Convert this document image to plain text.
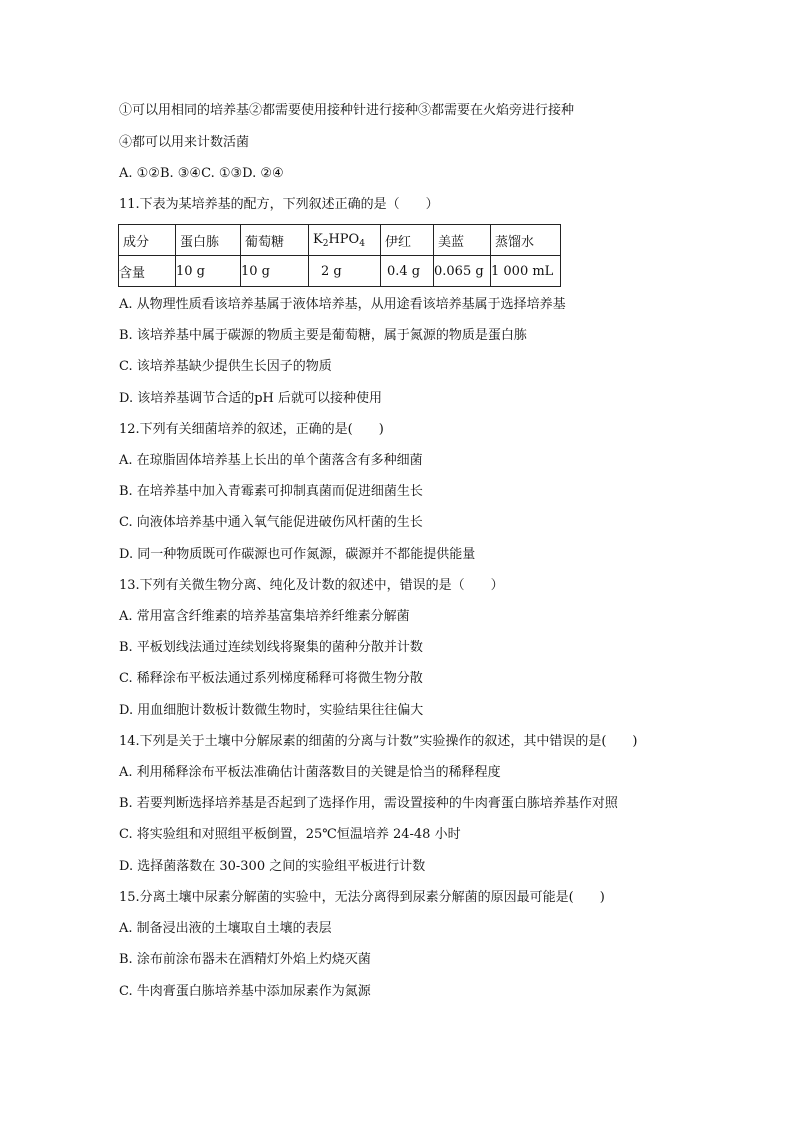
①可以用相同的培养基②都需要使用接种针进行接种③都需要在火焰旁进行接种
④都可以用来计数活菌
A. ①②B. ③④C. ①③D. ②④
11.下表为某培养基的配方，下列叙述正确的是（　　）
成分	蛋白胨	葡萄糖	$K_2HPO_4$	伊红	美蓝	蒸馏水
含量	10 g	10 g	2 g	0.4 g	0.065 g	1 000 mL
A. 从物理性质看该培养基属于液体培养基，从用途看该培养基属于选择培养基
B. 该培养基中属于碳源的物质主要是葡萄糖，属于氮源的物质是蛋白胨
C. 该培养基缺少提供生长因子的物质
D. 该培养基调节合适的pH 后就可以接种使用
12.下列有关细菌培养的叙述，正确的是(　　)
A. 在琼脂固体培养基上长出的单个菌落含有多种细菌
B. 在培养基中加入青霉素可抑制真菌而促进细菌生长
C. 向液体培养基中通入氧气能促进破伤风杆菌的生长
D. 同一种物质既可作碳源也可作氮源，碳源并不都能提供能量
13.下列有关微生物分离、纯化及计数的叙述中，错误的是（　　）
A. 常用富含纤维素的培养基富集培养纤维素分解菌
B. 平板划线法通过连续划线将聚集的菌种分散并计数
C. 稀释涂布平板法通过系列梯度稀释可将微生物分散
D. 用血细胞计数板计数微生物时，实验结果往往偏大
14.下列是关于土壤中分解尿素的细菌的分离与计数”实验操作的叙述，其中错误的是(　　)
A. 利用稀释涂布平板法准确估计菌落数目的关键是恰当的稀释程度
B. 若要判断选择培养基是否起到了选择作用，需设置接种的牛肉膏蛋白胨培养基作对照
C. 将实验组和对照组平板倒置，25℃恒温培养 24-48 小时
D. 选择菌落数在 30-300 之间的实验组平板进行计数
15.分离土壤中尿素分解菌的实验中，无法分离得到尿素分解菌的原因最可能是(　　)
A. 制备浸出液的土壤取自土壤的表层
B. 涂布前涂布器未在酒精灯外焰上灼烧灭菌
C. 牛肉膏蛋白胨培养基中添加尿素作为氮源
